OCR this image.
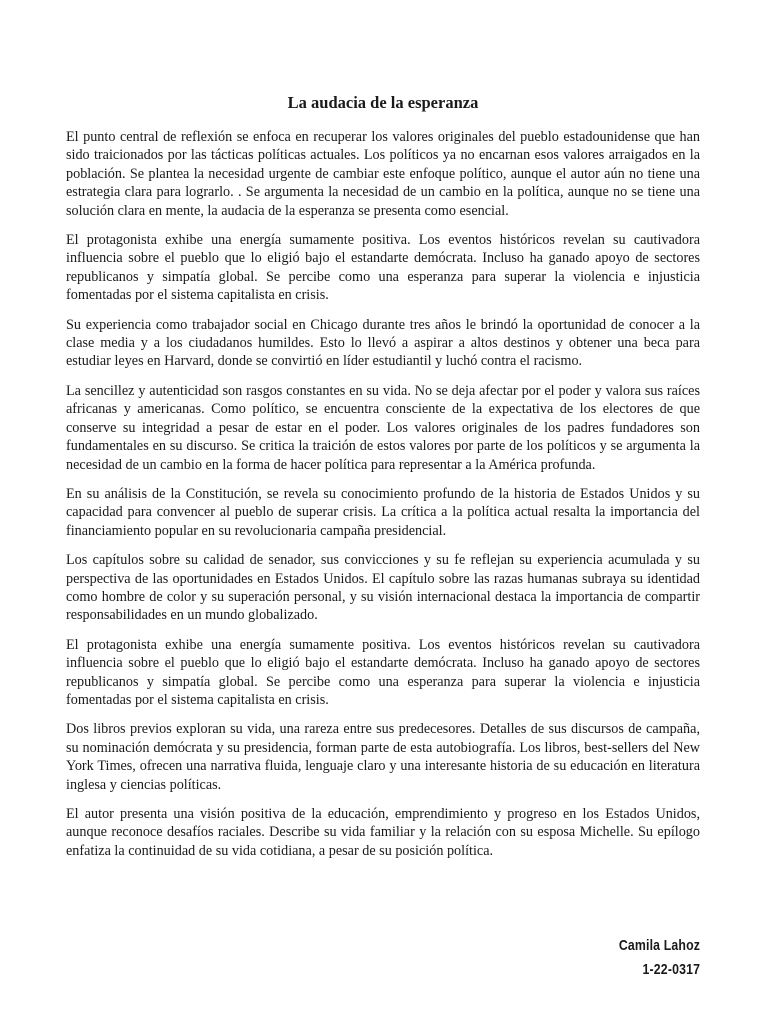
La audacia de la esperanza

El punto central de reflexión se enfoca en recuperar los valores originales del pueblo estadounidense que han sido traicionados por las tácticas políticas actuales. Los políticos ya no encarnan esos valores arraigados en la población. Se plantea la necesidad urgente de cambiar este enfoque político, aunque el autor aún no tiene una estrategia clara para lograrlo. . Se argumenta la necesidad de un cambio en la política, aunque no se tiene una solución clara en mente, la audacia de la esperanza se presenta como esencial.

El protagonista exhibe una energía sumamente positiva. Los eventos históricos revelan su cautivadora influencia sobre el pueblo que lo eligió bajo el estandarte demócrata. Incluso ha ganado apoyo de sectores republicanos y simpatía global. Se percibe como una esperanza para superar la violencia e injusticia fomentadas por el sistema capitalista en crisis.

Su experiencia como trabajador social en Chicago durante tres años le brindó la oportunidad de conocer a la clase media y a los ciudadanos humildes. Esto lo llevó a aspirar a altos destinos y obtener una beca para estudiar leyes en Harvard, donde se convirtió en líder estudiantil y luchó contra el racismo.

La sencillez y autenticidad son rasgos constantes en su vida. No se deja afectar por el poder y valora sus raíces africanas y americanas. Como político, se encuentra consciente de la expectativa de los electores de que conserve su integridad a pesar de estar en el poder. Los valores originales de los padres fundadores son fundamentales en su discurso. Se critica la traición de estos valores por parte de los políticos y se argumenta la necesidad de un cambio en la forma de hacer política para representar a la América profunda.

En su análisis de la Constitución, se revela su conocimiento profundo de la historia de Estados Unidos y su capacidad para convencer al pueblo de superar crisis. La crítica a la política actual resalta la importancia del financiamiento popular en su revolucionaria campaña presidencial.

Los capítulos sobre su calidad de senador, sus convicciones y su fe reflejan su experiencia acumulada y su perspectiva de las oportunidades en Estados Unidos. El capítulo sobre las razas humanas subraya su identidad como hombre de color y su superación personal, y su visión internacional destaca la importancia de compartir responsabilidades en un mundo globalizado.

El protagonista exhibe una energía sumamente positiva. Los eventos históricos revelan su cautivadora influencia sobre el pueblo que lo eligió bajo el estandarte demócrata. Incluso ha ganado apoyo de sectores republicanos y simpatía global. Se percibe como una esperanza para superar la violencia e injusticia fomentadas por el sistema capitalista en crisis.

Dos libros previos exploran su vida, una rareza entre sus predecesores. Detalles de sus discursos de campaña, su nominación demócrata y su presidencia, forman parte de esta autobiografía. Los libros, best-sellers del New York Times, ofrecen una narrativa fluida, lenguaje claro y una interesante historia de su educación en literatura inglesa y ciencias políticas.

El autor presenta una visión positiva de la educación, emprendimiento y progreso en los Estados Unidos, aunque reconoce desafíos raciales. Describe su vida familiar y la relación con su esposa Michelle. Su epílogo enfatiza la continuidad de su vida cotidiana, a pesar de su posición política.

Camila Lahoz
1-22-0317
